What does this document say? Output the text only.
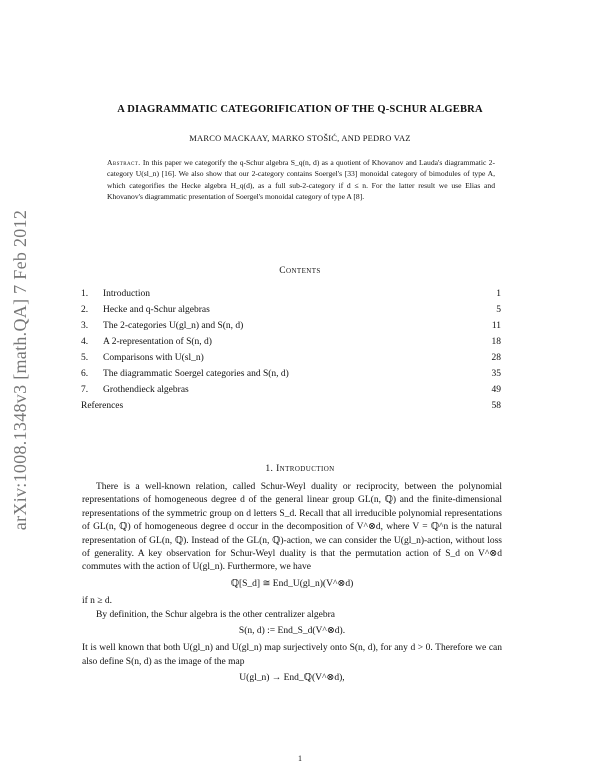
arXiv:1008.1348v3 [math.QA] 7 Feb 2012
A DIAGRAMMATIC CATEGORIFICATION OF THE Q-SCHUR ALGEBRA
MARCO MACKAAY, MARKO STOŠIĆ, AND PEDRO VAZ

Abstract. In this paper we categorify the q-Schur algebra S_q(n, d) as a quotient of Khovanov and Lauda's diagrammatic 2-category U(sl_n) [16]. We also show that our 2-category contains Soergel's [33] monoidal category of bimodules of type A, which categorifies the Hecke algebra H_q(d), as a full sub-2-category if d ≤ n. For the latter result we use Elias and Khovanov's diagrammatic presentation of Soergel's monoidal category of type A [8].

Contents
1.	Introduction	1
2.	Hecke and q-Schur algebras	5
3.	The 2-categories U(gl_n) and S(n, d)	11
4.	A 2-representation of S(n, d)	18
5.	Comparisons with U(sl_n)	28
6.	The diagrammatic Soergel categories and S(n, d)	35
7.	Grothendieck algebras	49
References	58
1. Introduction

There is a well-known relation, called Schur-Weyl duality or reciprocity, between the polynomial representations of homogeneous degree d of the general linear group GL(n, ℚ) and the finite-dimensional representations of the symmetric group on d letters S_d. Recall that all irreducible polynomial representations of GL(n, ℚ) of homogeneous degree d occur in the decomposition of V^⊗d, where V = ℚ^n is the natural representation of GL(n, ℚ). Instead of the GL(n, ℚ)-action, we can consider the U(gl_n)-action, without loss of generality. A key observation for Schur-Weyl duality is that the permutation action of S_d on V^⊗d commutes with the action of U(gl_n). Furthermore, we have

ℚ[S_d] ≅ End_U(gl_n)(V^⊗d)

if n ≥ d.

By definition, the Schur algebra is the other centralizer algebra

S(n, d) := End_S_d(V^⊗d).

It is well known that both U(gl_n) and U(gl_n) map surjectively onto S(n, d), for any d > 0. Therefore we can also define S(n, d) as the image of the map

U(gl_n) → End_ℚ(V^⊗d),
1
